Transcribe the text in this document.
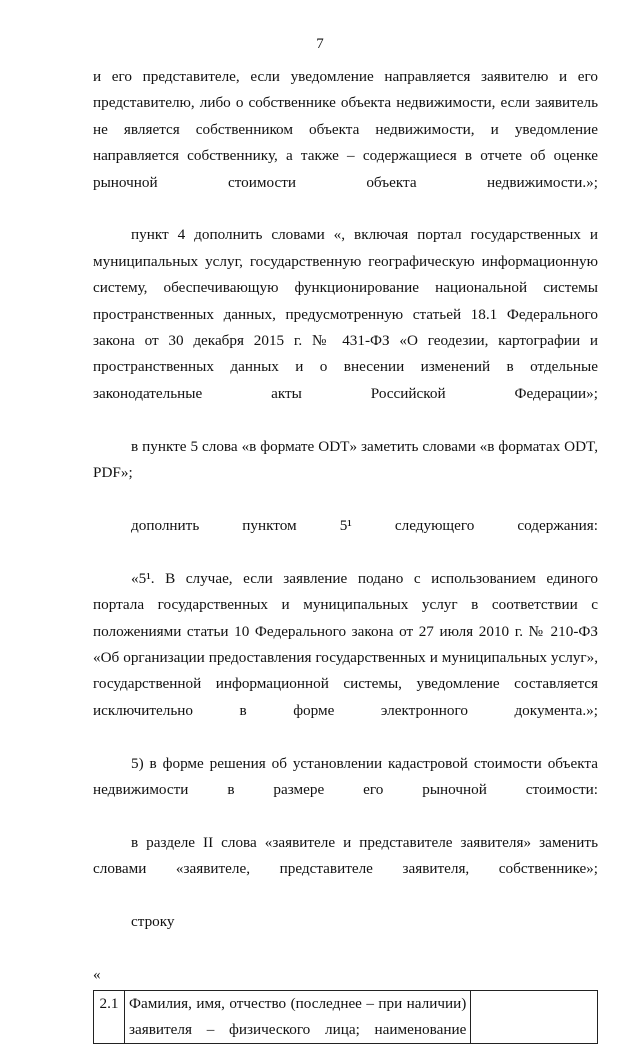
7

и его представителе, если уведомление направляется заявителю и его представителю, либо о собственнике объекта недвижимости, если заявитель не является собственником объекта недвижимости, и уведомление направляется собственнику, а также – содержащиеся в отчете об оценке рыночной стоимости объекта недвижимости.»;

пункт 4 дополнить словами «, включая портал государственных и муниципальных услуг, государственную географическую информационную систему, обеспечивающую функционирование национальной системы пространственных данных, предусмотренную статьей 18.1 Федерального закона от 30 декабря 2015 г. № 431-ФЗ «О геодезии, картографии и пространственных данных и о внесении изменений в отдельные законодательные акты Российской Федерации»;

в пункте 5 слова «в формате ODT» заметить словами «в форматах ODT, PDF»;

дополнить пунктом 5¹ следующего содержания:

«5¹. В случае, если заявление подано с использованием единого портала государственных и муниципальных услуг в соответствии с положениями статьи 10 Федерального закона от 27 июля 2010 г. № 210-ФЗ «Об организации предоставления государственных и муниципальных услуг», государственной информационной системы, уведомление составляется исключительно в форме электронного документа.»;

5) в форме решения об установлении кадастровой стоимости объекта недвижимости в размере его рыночной стоимости:

в разделе II слова «заявителе и представителе заявителя» заменить словами «заявителе, представителе заявителя, собственнике»;

строку

«

2.1	Фамилия, имя, отчество (последнее – при наличии)
заявителя – физического лица; наименование
